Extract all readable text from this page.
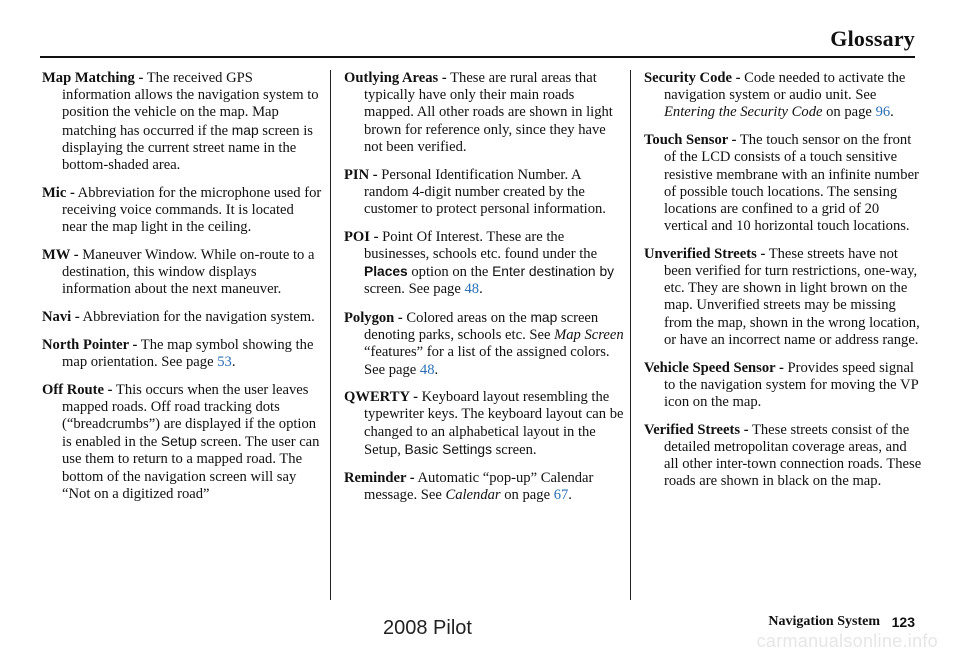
Glossary

Map Matching - The received GPS information allows the navigation system to position the vehicle on the map. Map matching has occurred if the map screen is displaying the current street name in the bottom-shaded area.

Mic - Abbreviation for the microphone used for receiving voice commands. It is located near the map light in the ceiling.

MW - Maneuver Window. While on-route to a destination, this window displays information about the next maneuver.

Navi - Abbreviation for the navigation system.

North Pointer - The map symbol showing the map orientation. See page 53.

Off Route - This occurs when the user leaves mapped roads. Off road tracking dots (“breadcrumbs”) are displayed if the option is enabled in the Setup screen. The user can use them to return to a mapped road. The bottom of the navigation screen will say “Not on a digitized road”

Outlying Areas - These are rural areas that typically have only their main roads mapped. All other roads are shown in light brown for reference only, since they have not been verified.

PIN - Personal Identification Number. A random 4-digit number created by the customer to protect personal information.

POI - Point Of Interest. These are the businesses, schools etc. found under the Places option on the Enter destination by screen. See page 48.

Polygon - Colored areas on the map screen denoting parks, schools etc. See Map Screen “features” for a list of the assigned colors. See page 48.

QWERTY - Keyboard layout resembling the typewriter keys. The keyboard layout can be changed to an alphabetical layout in the Setup, Basic Settings screen.

Reminder - Automatic “pop-up” Calendar message. See Calendar on page 67.

Security Code - Code needed to activate the navigation system or audio unit. See Entering the Security Code on page 96.

Touch Sensor - The touch sensor on the front of the LCD consists of a touch sensitive resistive membrane with an infinite number of possible touch locations. The sensing locations are confined to a grid of 20 vertical and 10 horizontal touch locations.

Unverified Streets - These streets have not been verified for turn restrictions, one-way, etc. They are shown in light brown on the map. Unverified streets may be missing from the map, shown in the wrong location, or have an incorrect name or address range.

Vehicle Speed Sensor - Provides speed signal to the navigation system for moving the VP icon on the map.

Verified Streets - These streets consist of the detailed metropolitan coverage areas, and all other inter-town connection roads. These roads are shown in black on the map.

Navigation System 123
2008 Pilot
carmanualsonline.info
